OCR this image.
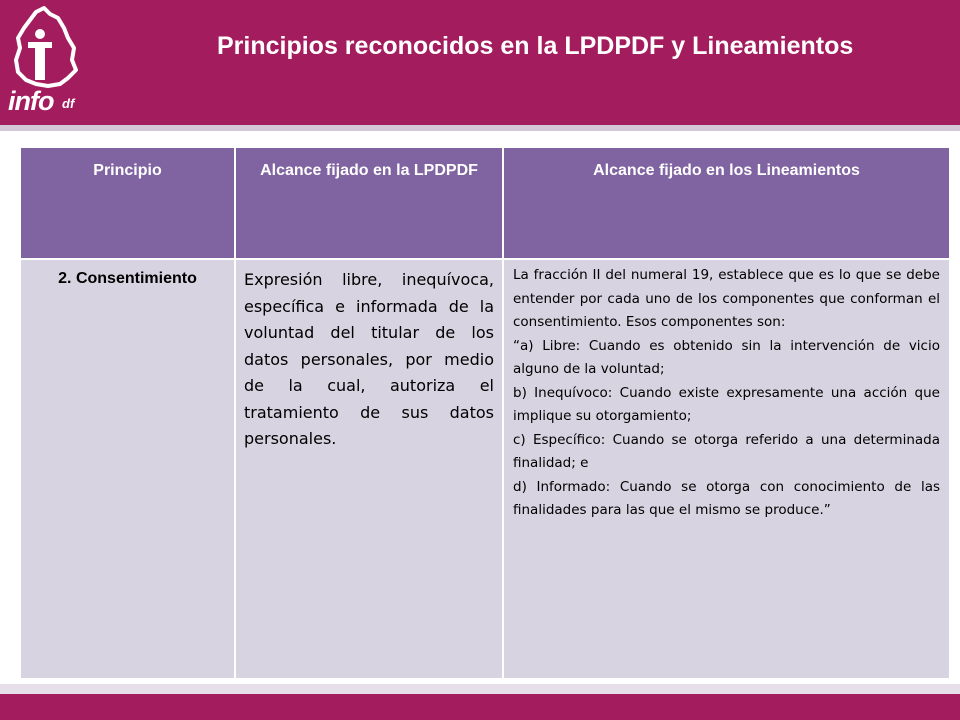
info df
Principios reconocidos en la LPDPDF y Lineamientos
Principio	Alcance fijado en la LPDPDF	Alcance fijado en los Lineamientos
2. Consentimiento	Expresión libre, inequívoca, específica e informada de la voluntad del titular de los datos personales, por medio de la cual, autoriza el tratamiento de sus datos personales.	La fracción II del numeral 19, establece que es lo que se debe entender por cada uno de los componentes que conforman el consentimiento. Esos componentes son:

“a) Libre: Cuando es obtenido sin la intervención de vicio alguno de la voluntad;

b) Inequívoco: Cuando existe expresamente una acción que implique su otorgamiento;

c) Específico: Cuando se otorga referido a una determinada finalidad; e

d) Informado: Cuando se otorga con conocimiento de las finalidades para las que el mismo se produce.”
